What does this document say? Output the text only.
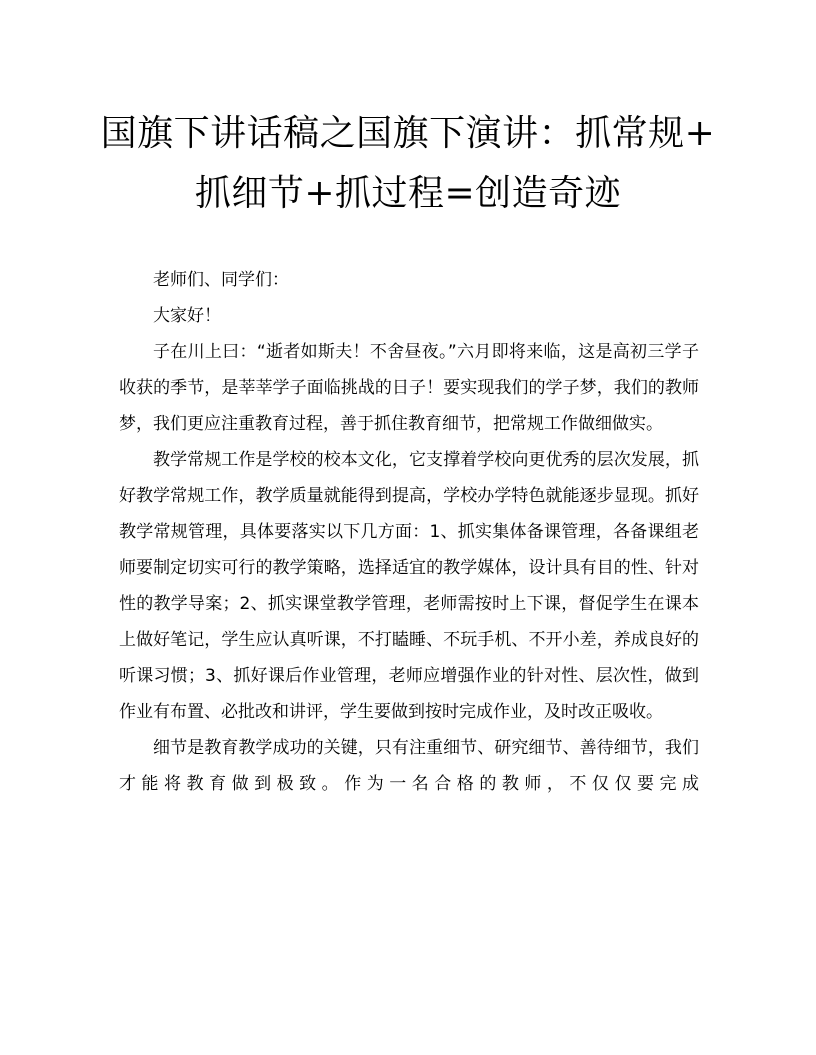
国旗下讲话稿之国旗下演讲：抓常规+
抓细节+抓过程=创造奇迹

老师们、同学们：

大家好！

子在川上曰：“逝者如斯夫！不舍昼夜。”六月即将来临，这是高初三学子收获的季节，是莘莘学子面临挑战的日子！要实现我们的学子梦，我们的教师梦，我们更应注重教育过程，善于抓住教育细节，把常规工作做细做实。

教学常规工作是学校的校本文化，它支撑着学校向更优秀的层次发展，抓好教学常规工作，教学质量就能得到提高，学校办学特色就能逐步显现。抓好教学常规管理，具体要落实以下几方面：1、抓实集体备课管理，各备课组老师要制定切实可行的教学策略，选择适宜的教学媒体，设计具有目的性、针对性的教学导案；2、抓实课堂教学管理，老师需按时上下课，督促学生在课本上做好笔记，学生应认真听课，不打瞌睡、不玩手机、不开小差，养成良好的听课习惯；3、抓好课后作业管理，老师应增强作业的针对性、层次性，做到作业有布置、必批改和讲评，学生要做到按时完成作业，及时改正吸收。

细节是教育教学成功的关键，只有注重细节、研究细节、善待细节，我们才能将教育做到极致。作为一名合格的教师，不仅仅要完成
